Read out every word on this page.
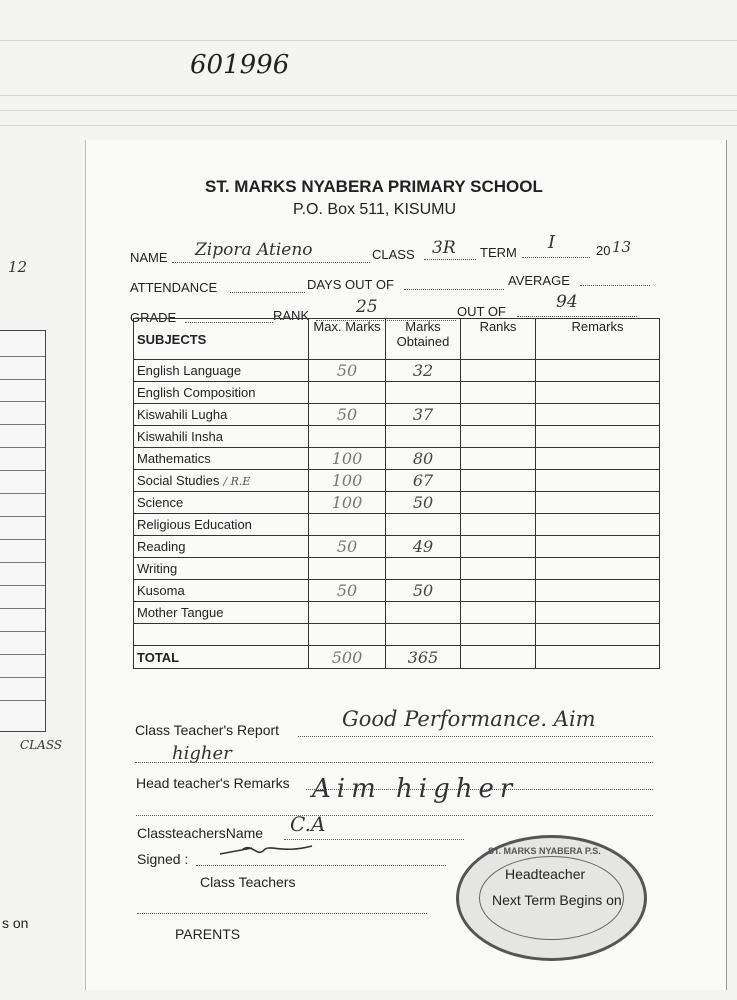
601996
12
CLASS
s on
ST. MARKS NYABERA PRIMARY SCHOOL
P.O. Box 511, KISUMU
NAME Zipora Atieno	CLASS 3R TERM I	20 13
ATTENDANCE	DAYS OUT OF	AVERAGE
GRADE	RANK	25	OUT OF	94
SUBJECTS	Max. Marks	Marks Obtained	Ranks	Remarks
English Language	50	32		
English Composition				
Kiswahili Lugha	50	37		
Kiswahili Insha				
Mathematics	100	80		
Social Studies / R.E	100	67		
Science	100	50		
Religious Education				
Reading	50	49		
Writing				
Kusoma	50	50		
Mother Tangue				

TOTAL	500	365		
Class Teacher's Report	Good Performance. Aim
higher
Head teacher's Remarks Aim higher
ClassteachersName C.A
Signed :
Class Teachers
PARENTS
ST. MARKS NYABERA P.S.
Headteacher
Next Term Begins on
